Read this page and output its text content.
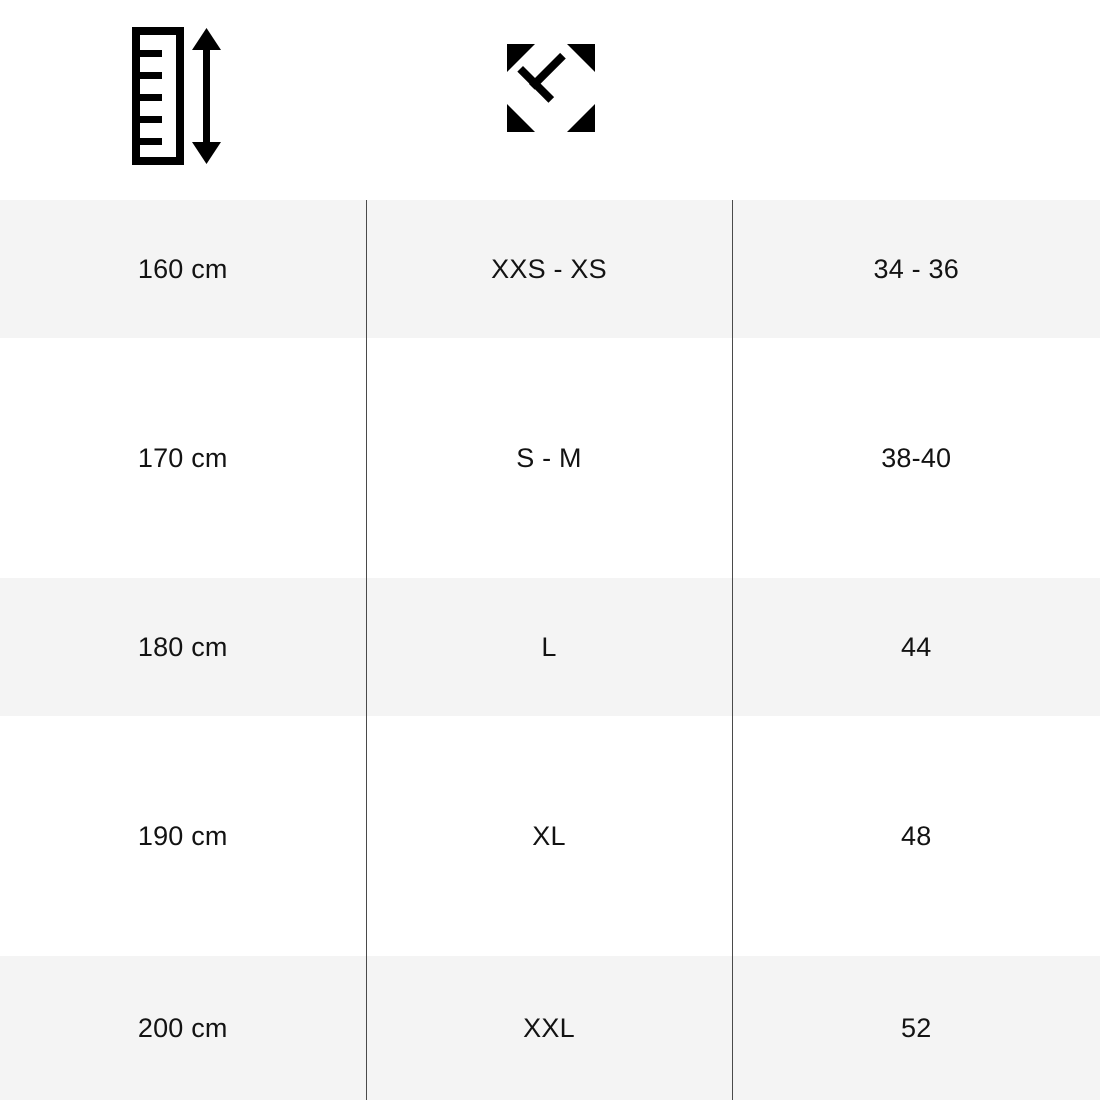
160 cm	XXS - XS	34 - 36

170 cm	S - M	38-40

180 cm	L	44

190 cm	XL	48

200 cm	XXL	52
